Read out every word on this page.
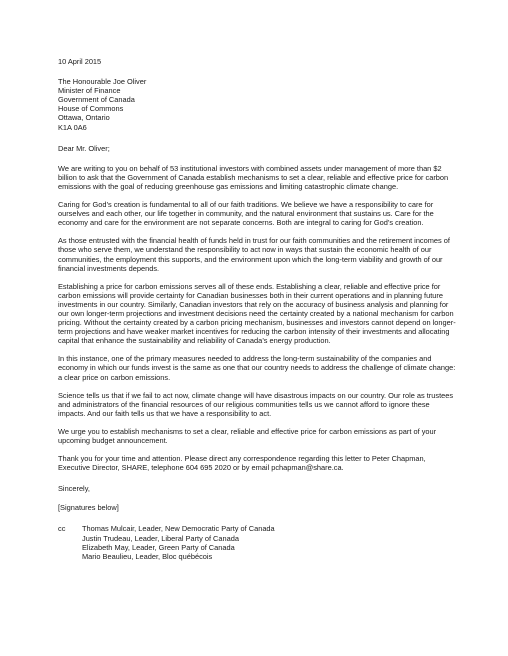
10 April 2015
The Honourable Joe Oliver
Minister of Finance
Government of Canada
House of Commons
Ottawa, Ontario
K1A 0A6
Dear Mr. Oliver;

We are writing to you on behalf of 53 institutional investors with combined assets under management of more than $2 billion to ask that the Government of Canada establish mechanisms to set a clear, reliable and effective price for carbon emissions with the goal of reducing greenhouse gas emissions and limiting catastrophic climate change.

Caring for God’s creation is fundamental to all of our faith traditions. We believe we have a responsibility to care for ourselves and each other, our life together in community, and the natural environment that sustains us. Care for the economy and care for the environment are not separate concerns. Both are integral to caring for God’s creation.

As those entrusted with the financial health of funds held in trust for our faith communities and the retirement incomes of those who serve them, we understand the responsibility to act now in ways that sustain the economic health of our communities, the employment this supports, and the environment upon which the long-term viability and growth of our financial investments depends.

Establishing a price for carbon emissions serves all of these ends. Establishing a clear, reliable and effective price for carbon emissions will provide certainty for Canadian businesses both in their current operations and in planning future investments in our country. Similarly, Canadian investors that rely on the accuracy of business analysis and planning for our own longer-term projections and investment decisions need the certainty created by a national mechanism for carbon pricing. Without the certainty created by a carbon pricing mechanism, businesses and investors cannot depend on longer-term projections and have weaker market incentives for reducing the carbon intensity of their investments and allocating capital that enhance the sustainability and reliability of Canada’s energy production.

In this instance, one of the primary measures needed to address the long-term sustainability of the companies and economy in which our funds invest is the same as one that our country needs to address the challenge of climate change: a clear price on carbon emissions.

Science tells us that if we fail to act now, climate change will have disastrous impacts on our country. Our role as trustees and administrators of the financial resources of our religious communities tells us we cannot afford to ignore these impacts. And our faith tells us that we have a responsibility to act.

We urge you to establish mechanisms to set a clear, reliable and effective price for carbon emissions as part of your upcoming budget announcement.

Thank you for your time and attention. Please direct any correspondence regarding this letter to Peter Chapman, Executive Director, SHARE, telephone 604 695 2020 or by email pchapman@share.ca.

Sincerely,
[Signatures below]
cc	Thomas Mulcair, Leader, New Democratic Party of Canada
Justin Trudeau, Leader, Liberal Party of Canada
Elizabeth May, Leader, Green Party of Canada
Mario Beaulieu, Leader, Bloc québécois
